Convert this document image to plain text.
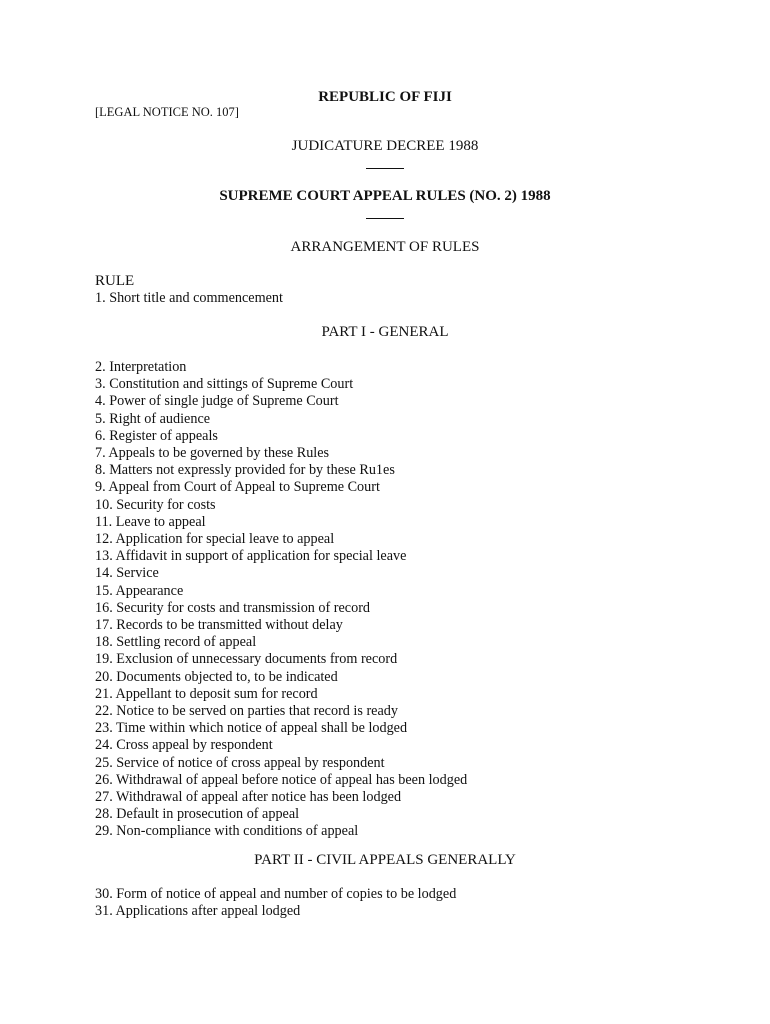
REPUBLIC OF FIJI
[LEGAL NOTICE NO. 107]
JUDICATURE DECREE 1988
SUPREME COURT APPEAL RULES (NO. 2) 1988
ARRANGEMENT OF RULES
RULE
1. Short title and commencement
PART I - GENERAL
2. Interpretation
3. Constitution and sittings of Supreme Court
4. Power of single judge of Supreme Court
5. Right of audience
6. Register of appeals
7. Appeals to be governed by these Rules
8. Matters not expressly provided for by these Ru1es
9. Appeal from Court of Appeal to Supreme Court
10. Security for costs
11. Leave to appeal
12. Application for special leave to appeal
13. Affidavit in support of application for special leave
14. Service
15. Appearance
16. Security for costs and transmission of record
17. Records to be transmitted without delay
18. Settling record of appeal
19. Exclusion of unnecessary documents from record
20. Documents objected to, to be indicated
21. Appellant to deposit sum for record
22. Notice to be served on parties that record is ready
23. Time within which notice of appeal shall be lodged
24. Cross appeal by respondent
25. Service of notice of cross appeal by respondent
26. Withdrawal of appeal before notice of appeal has been lodged
27. Withdrawal of appeal after notice has been lodged
28. Default in prosecution of appeal
29. Non-compliance with conditions of appeal
PART II - CIVIL APPEALS GENERALLY
30. Form of notice of appeal and number of copies to be lodged
31. Applications after appeal lodged
